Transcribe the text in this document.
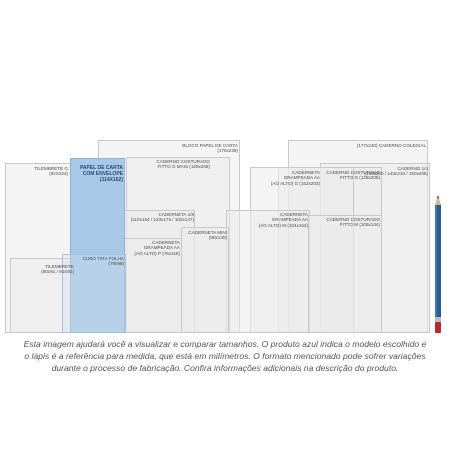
TILEMBRETE G
(82X224)
PAPEL DE CARTA
COM ENVELOPE
(114X162)
BLOCO PAPEL DE CARTA
(176x239)
(177x240) CADERNO COLEGIAL
CADERNO COSTURADO
FITTO G MAIS (128x208)
CADERNETA
GRAMPEADA AA
(AO ALTO) G (152x203)
CADERNO COSTURADO
FITTO G (128x208)
CADERNO 1/4
(140x200 / 140x210 / 150x208)
CADERNETA 1/8
(110x154 / 123x176 / 102x147)
CADERNETA
GRAMPEADA AA
(AO ALTO) M (104x152)
CADERNO COSTURADO
FITTO M (105x144)
CADERNETA MINI
(90x130)
CADERNETA
GRAMPEADA AA
(AO ALTO) P (76x118)
CUBO TIRA FOLHA
(79x98)
TILEMBRETE
(80x91 / 91X92)
Esta imagem ajudará você a visualizar e comparar tamanhos. O produto azul indica o modelo escolhido e o lápis é a referência para medida, que está em milímetros. O formato mencionado pode sofrer variações durante o processo de fabricação. Confira informações adicionais na descrição do produto.
